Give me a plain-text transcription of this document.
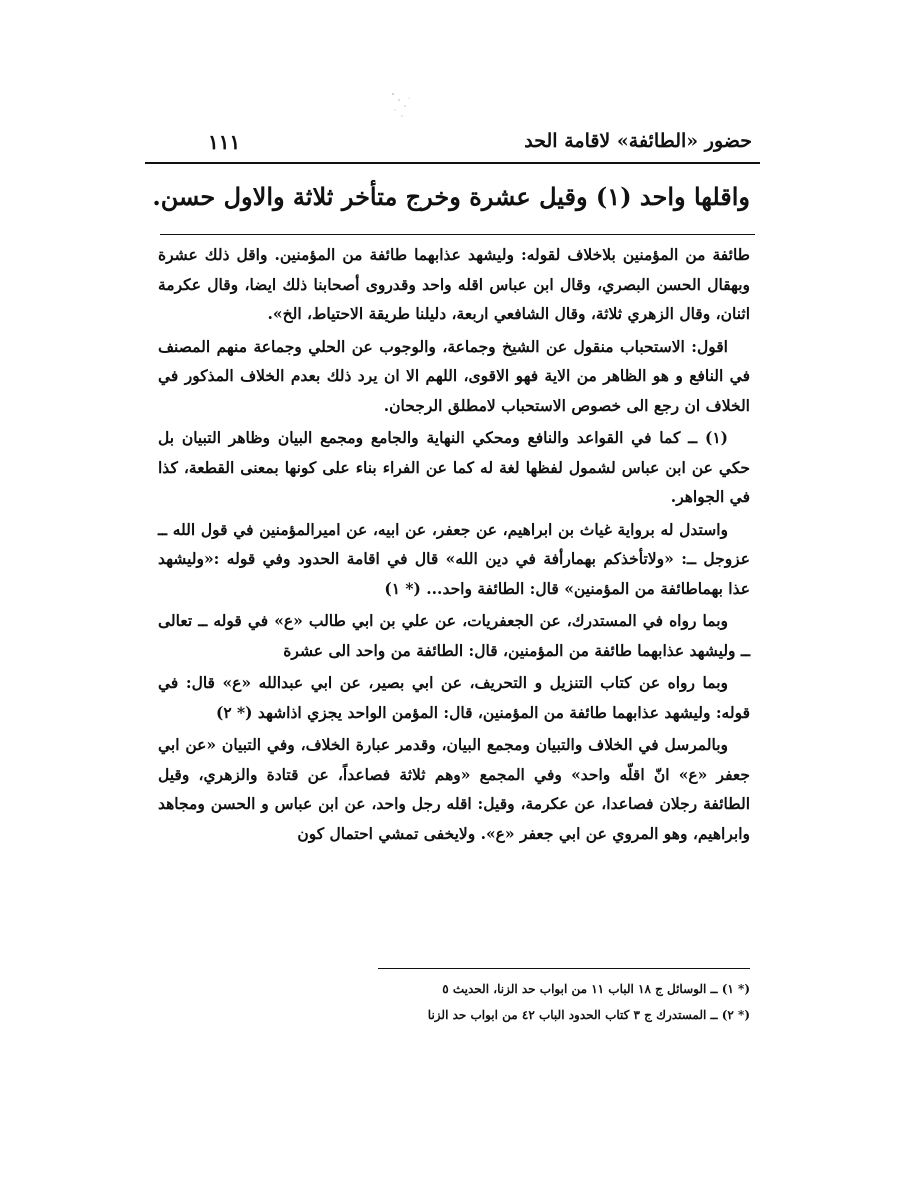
حضور «الطائفة» لاقامة الحد
١١١
واقلها واحد (١) وقيل عشرة وخرج متأخر ثلاثة والاول حسن.

طائفة من المؤمنين بلاخلاف لقوله: وليشهد عذابهما طائفة من المؤمنين. واقل ذلك عشرة وبهقال الحسن البصري، وقال ابن عباس اقله واحد وقدروى أصحابنا ذلك ايضا، وقال عكرمة اثنان، وقال الزهري ثلاثة، وقال الشافعي اربعة، دليلنا طريقة الاحتياط، الخ».

اقول: الاستحباب منقول عن الشيخ وجماعة، والوجوب عن الحلي وجماعة منهم المصنف في النافع و هو الظاهر من الاية فهو الاقوى، اللهم الا ان يرد ذلك بعدم الخلاف المذكور في الخلاف ان رجع الى خصوص الاستحباب لامطلق الرجحان.

(١) ــ كما في القواعد والنافع ومحكي النهاية والجامع ومجمع البيان وظاهر التبيان بل حكي عن ابن عباس لشمول لفظها لغة له كما عن الفراء بناء على كونها بمعنى القطعة، كذا في الجواهر.

واستدل له برواية غياث بن ابراهيم، عن جعفر، عن ابيه، عن اميرالمؤمنين في قول الله ــ عزوجل ــ: «ولاتأخذكم بهمارأفة في دين الله» قال في اقامة الحدود وفي قوله :«وليشهد عذا بهماطائفة من المؤمنين» قال: الطائفة واحد... (* ١)

وبما رواه في المستدرك، عن الجعفريات، عن علي بن ابي طالب «ع» في قوله ــ تعالى ــ وليشهد عذابهما طائفة من المؤمنين، قال: الطائفة من واحد الى عشرة

وبما رواه عن كتاب التنزيل و التحريف، عن ابي بصير، عن ابي عبدالله «ع» قال: في قوله: وليشهد عذابهما طائفة من المؤمنين، قال: المؤمن الواحد يجزي اذاشهد (* ٢)

وبالمرسل في الخلاف والتبيان ومجمع البيان، وقدمر عبارة الخلاف، وفي التبيان «عن ابي جعفر «ع» انّ اقلّه واحد» وفي المجمع «وهم ثلاثة فصاعداً، عن قتادة والزهري، وقيل الطائفة رجلان فصاعدا، عن عكرمة، وقيل: اقله رجل واحد، عن ابن عباس و الحسن ومجاهد وابراهيم، وهو المروي عن ابي جعفر «ع». ولايخفى تمشي احتمال كون

(* ١) ــ الوسائل ج ١٨ الباب ١١ من ابواب حد الزنا، الحديث ٥

(* ٢) ــ المستدرك ج ٣ كتاب الحدود الباب ٤٢ من ابواب حد الزنا
